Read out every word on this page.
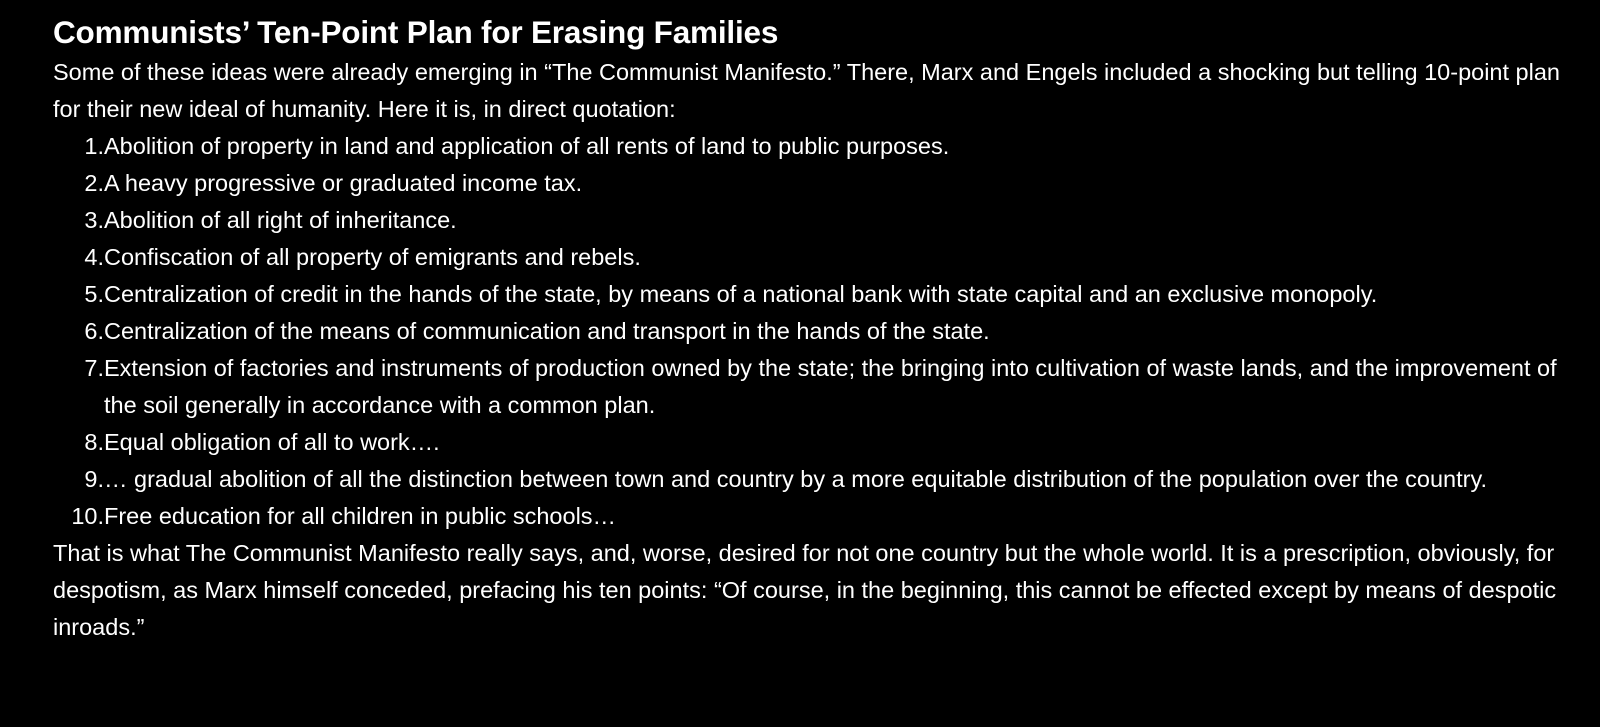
Communists’ Ten-Point Plan for Erasing Families

Some of these ideas were already emerging in “The Communist Manifesto.” There, Marx and Engels included a shocking but telling 10-point plan for their new ideal of humanity. Here it is, in direct quotation:

1. Abolition of property in land and application of all rents of land to public purposes.
2. A heavy progressive or graduated income tax.
3. Abolition of all right of inheritance.
4. Confiscation of all property of emigrants and rebels.
5. Centralization of credit in the hands of the state, by means of a national bank with state capital and an exclusive monopoly.
6. Centralization of the means of communication and transport in the hands of the state.
7. Extension of factories and instruments of production owned by the state; the bringing into cultivation of waste lands, and the improvement of the soil generally in accordance with a common plan.
8. Equal obligation of all to work….
9. … gradual abolition of all the distinction between town and country by a more equitable distribution of the population over the country.
10. Free education for all children in public schools…

That is what The Communist Manifesto really says, and, worse, desired for not one country but the whole world. It is a prescription, obviously, for despotism, as Marx himself conceded, prefacing his ten points: “Of course, in the beginning, this cannot be effected except by means of despotic inroads.”
